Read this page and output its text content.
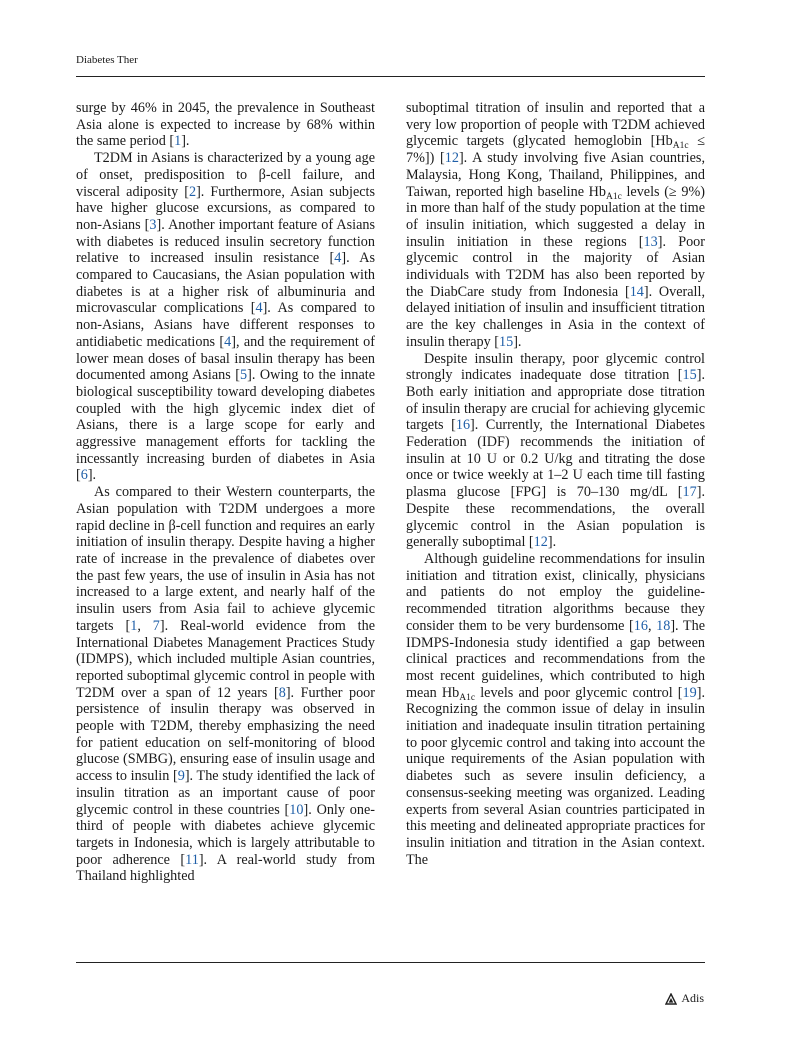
Diabetes Ther

surge by 46% in 2045, the prevalence in Southeast Asia alone is expected to increase by 68% within the same period [1].

T2DM in Asians is characterized by a young age of onset, predisposition to β-cell failure, and visceral adiposity [2]. Furthermore, Asian subjects have higher glucose excursions, as compared to non-Asians [3]. Another important feature of Asians with diabetes is reduced insulin secretory function relative to increased insulin resistance [4]. As compared to Caucasians, the Asian population with diabetes is at a higher risk of albuminuria and microvascular complications [4]. As compared to non-Asians, Asians have different responses to antidiabetic medications [4], and the requirement of lower mean doses of basal insulin therapy has been documented among Asians [5]. Owing to the innate biological susceptibility toward developing diabetes coupled with the high glycemic index diet of Asians, there is a large scope for early and aggressive management efforts for tackling the incessantly increasing burden of diabetes in Asia [6].

As compared to their Western counterparts, the Asian population with T2DM undergoes a more rapid decline in β-cell function and requires an early initiation of insulin therapy. Despite having a higher rate of increase in the prevalence of diabetes over the past few years, the use of insulin in Asia has not increased to a large extent, and nearly half of the insulin users from Asia fail to achieve glycemic targets [1, 7]. Real-world evidence from the International Diabetes Management Practices Study (IDMPS), which included multiple Asian countries, reported suboptimal glycemic control in people with T2DM over a span of 12 years [8]. Further poor persistence of insulin therapy was observed in people with T2DM, thereby emphasizing the need for patient education on self-monitoring of blood glucose (SMBG), ensuring ease of insulin usage and access to insulin [9]. The study identified the lack of insulin titration as an important cause of poor glycemic control in these countries [10]. Only one-third of people with diabetes achieve glycemic targets in Indonesia, which is largely attributable to poor adherence [11]. A real-world study from Thailand highlighted

suboptimal titration of insulin and reported that a very low proportion of people with T2DM achieved glycemic targets (glycated hemoglobin $[Hb_{A1c} \le 7\%]$) [12]. A study involving five Asian countries, Malaysia, Hong Kong, Thailand, Philippines, and Taiwan, reported high baseline $Hb_{A1c}$ levels (≥ 9%) in more than half of the study population at the time of insulin initiation, which suggested a delay in insulin initiation in these regions [13]. Poor glycemic control in the majority of Asian individuals with T2DM has also been reported by the DiabCare study from Indonesia [14]. Overall, delayed initiation of insulin and insufficient titration are the key challenges in Asia in the context of insulin therapy [15].

Despite insulin therapy, poor glycemic control strongly indicates inadequate dose titration [15]. Both early initiation and appropriate dose titration of insulin therapy are crucial for achieving glycemic targets [16]. Currently, the International Diabetes Federation (IDF) recommends the initiation of insulin at 10 U or 0.2 U/kg and titrating the dose once or twice weekly at 1–2 U each time till fasting plasma glucose [FPG] is 70–130 mg/dL [17]. Despite these recommendations, the overall glycemic control in the Asian population is generally suboptimal [12].

Although guideline recommendations for insulin initiation and titration exist, clinically, physicians and patients do not employ the guideline-recommended titration algorithms because they consider them to be very burdensome [16, 18]. The IDMPS-Indonesia study identified a gap between clinical practices and recommendations from the most recent guidelines, which contributed to high mean $Hb_{A1c}$ levels and poor glycemic control [19]. Recognizing the common issue of delay in insulin initiation and inadequate insulin titration pertaining to poor glycemic control and taking into account the unique requirements of the Asian population with diabetes such as severe insulin deficiency, a consensus-seeking meeting was organized. Leading experts from several Asian countries participated in this meeting and delineated appropriate practices for insulin initiation and titration in the Asian context. The

Adis
